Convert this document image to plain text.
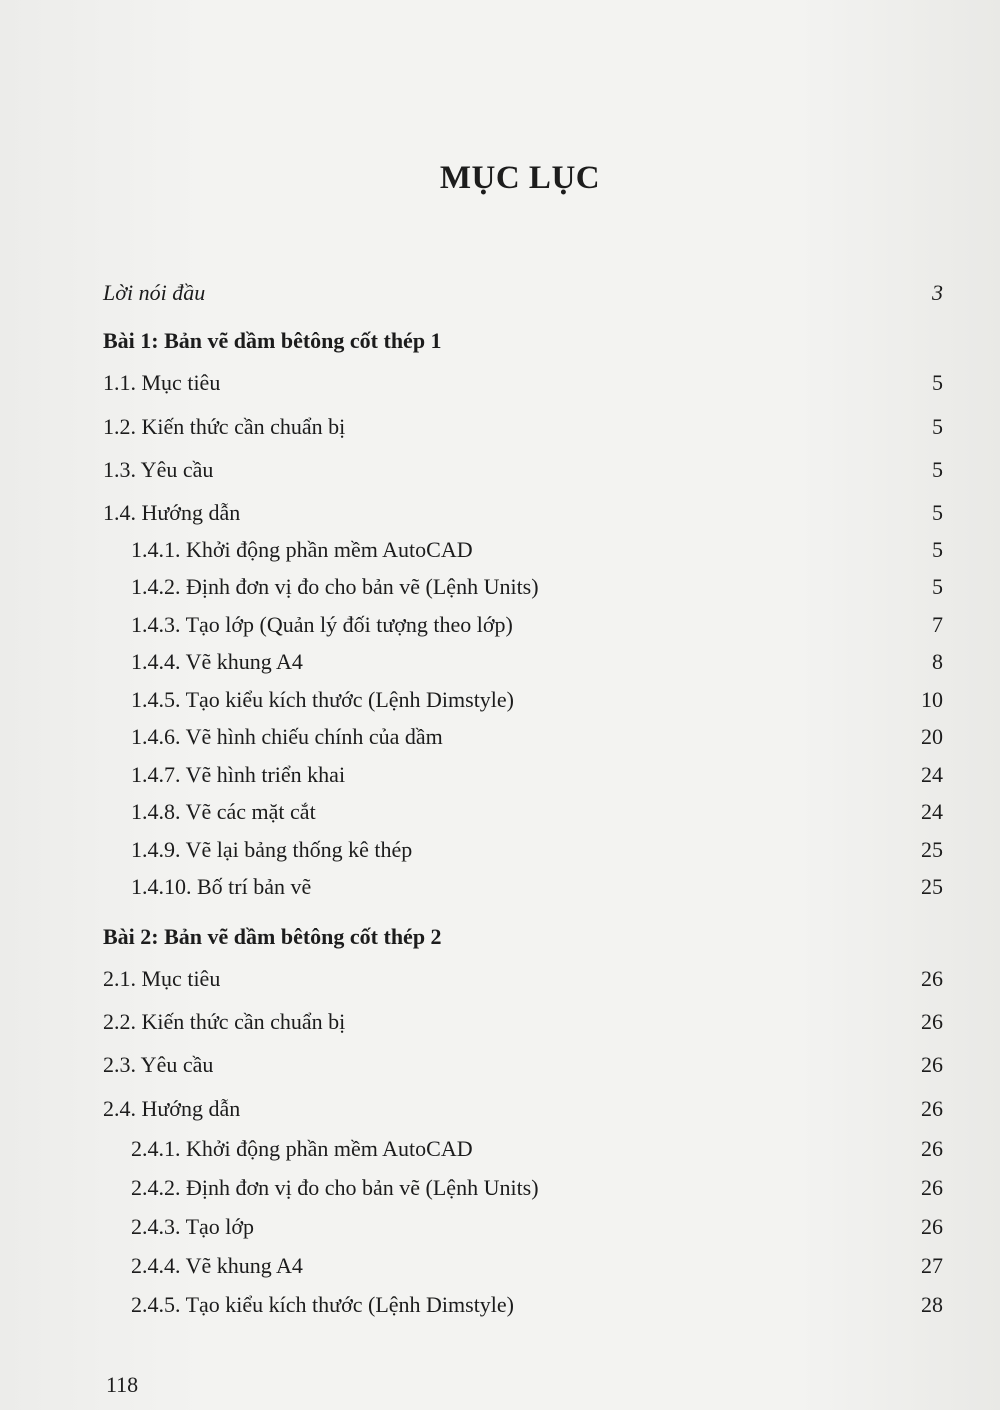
MỤC LỤC
Lời nói đầu	3
Bài 1: Bản vẽ dầm bêtông cốt thép 1
1.1. Mục tiêu	5
1.2. Kiến thức cần chuẩn bị	5
1.3. Yêu cầu	5
1.4. Hướng dẫn	5
1.4.1. Khởi động phần mềm AutoCAD	5
1.4.2. Định đơn vị đo cho bản vẽ (Lệnh Units)	5
1.4.3. Tạo lớp (Quản lý đối tượng theo lớp)	7
1.4.4. Vẽ khung A4	8
1.4.5. Tạo kiểu kích thước (Lệnh Dimstyle)	10
1.4.6. Vẽ hình chiếu chính của dầm	20
1.4.7. Vẽ hình triển khai	24
1.4.8. Vẽ các mặt cắt	24
1.4.9. Vẽ lại bảng thống kê thép	25
1.4.10. Bố trí bản vẽ	25
Bài 2: Bản vẽ dầm bêtông cốt thép 2
2.1. Mục tiêu	26
2.2. Kiến thức cần chuẩn bị	26
2.3. Yêu cầu	26
2.4. Hướng dẫn	26
2.4.1. Khởi động phần mềm AutoCAD	26
2.4.2. Định đơn vị đo cho bản vẽ (Lệnh Units)	26
2.4.3. Tạo lớp	26
2.4.4. Vẽ khung A4	27
2.4.5. Tạo kiểu kích thước (Lệnh Dimstyle)	28
118
